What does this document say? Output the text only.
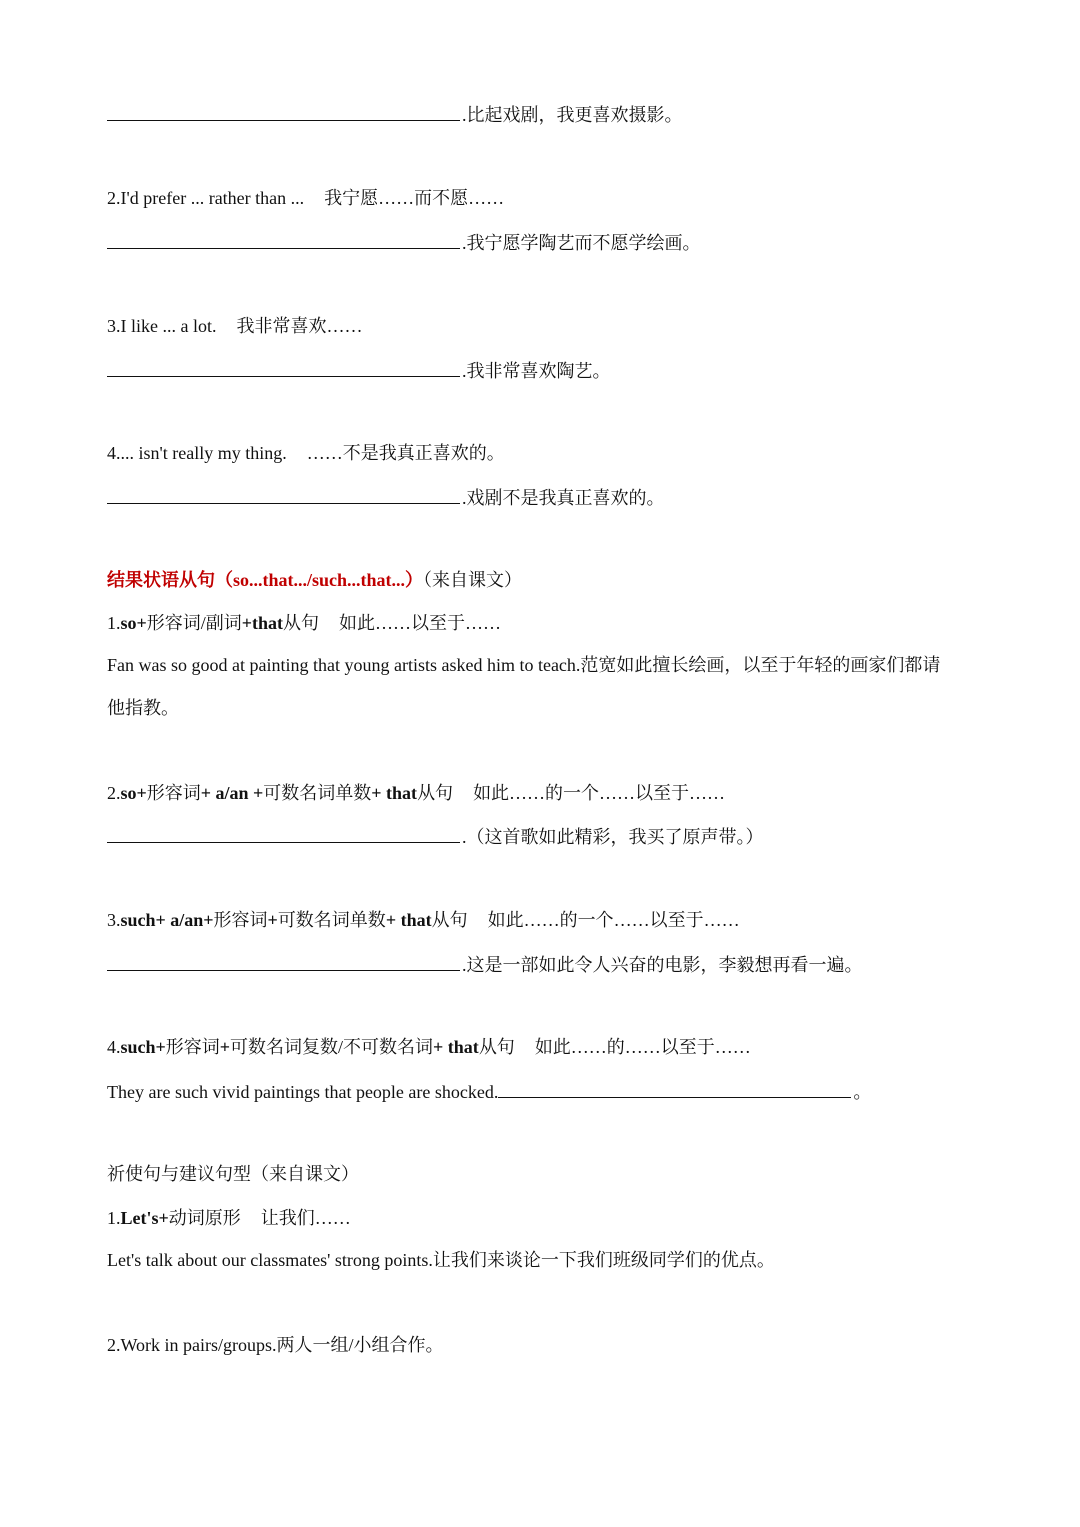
.比起戏剧，我更喜欢摄影。
2.I'd prefer ... rather than ... 我宁愿……而不愿……
.我宁愿学陶艺而不愿学绘画。
3.I like ... a lot. 我非常喜欢……
.我非常喜欢陶艺。
4.... isn't really my thing. ……不是我真正喜欢的。
.戏剧不是我真正喜欢的。
结果状语从句（so...that.../such...that...）（来自课文）
1.so+形容词/副词+that从句 如此……以至于……
Fan was so good at painting that young artists asked him to teach.范宽如此擅长绘画，以至于年轻的画家们都请
他指教。
2.so+形容词+ a/an +可数名词单数+ that从句 如此……的一个……以至于……
.（这首歌如此精彩，我买了原声带。）
3.such+ a/an+形容词+可数名词单数+ that从句 如此……的一个……以至于……
.这是一部如此令人兴奋的电影，李毅想再看一遍。
4.such+形容词+可数名词复数/不可数名词+ that从句 如此……的……以至于……
They are such vivid paintings that people are shocked.	。
祈使句与建议句型（来自课文）
1.Let's+动词原形 让我们……
Let's talk about our classmates' strong points.让我们来谈论一下我们班级同学们的优点。
2.Work in pairs/groups.两人一组/小组合作。
